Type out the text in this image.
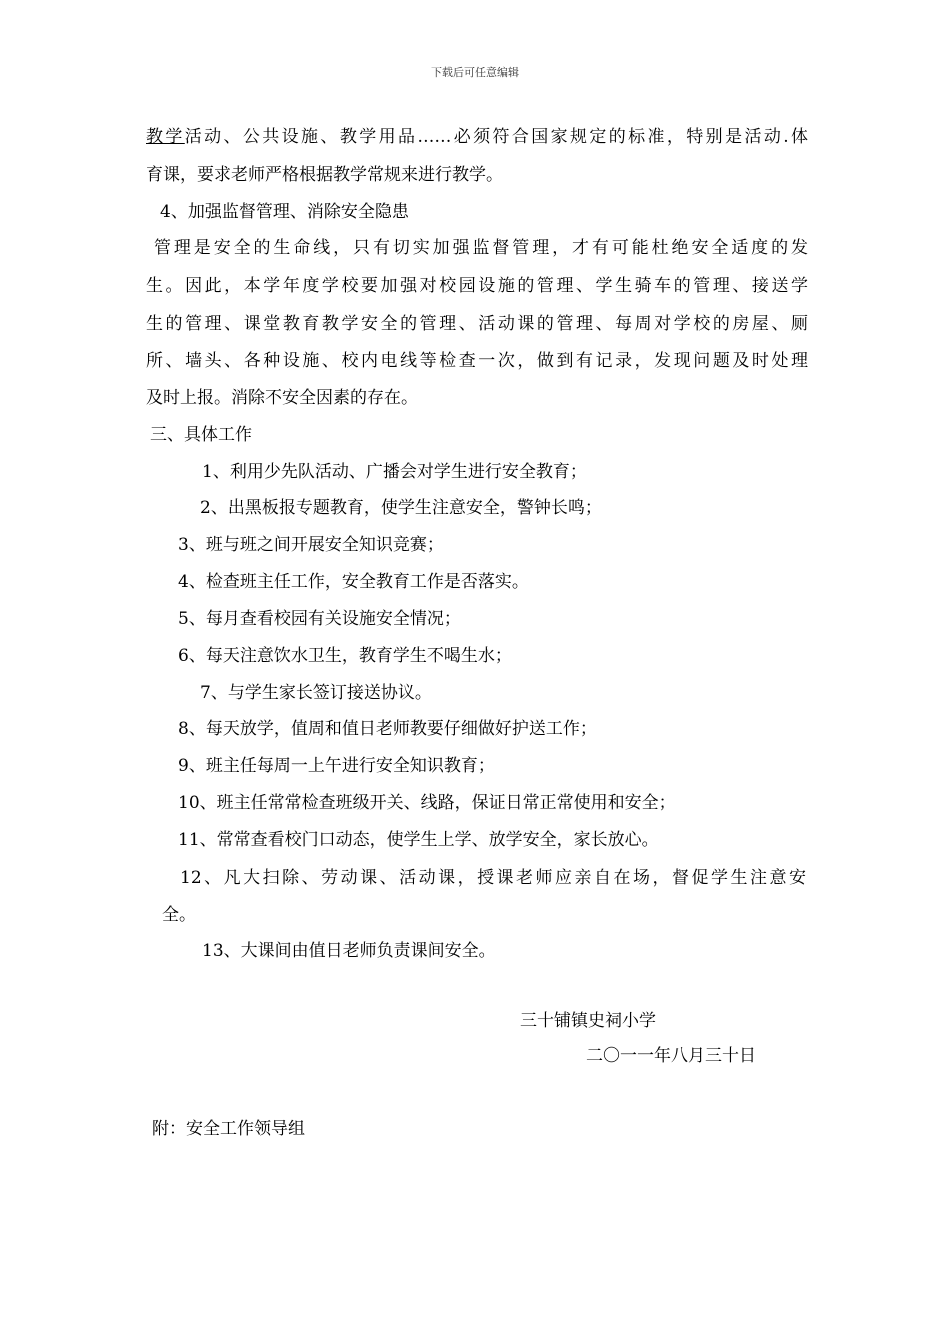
下载后可任意编辑
教学活动、公共设施、教学用品……必须符合国家规定的标准，特别是活动.体
育课，要求老师严格根据教学常规来进行教学。
4、加强监督管理、消除安全隐患
管理是安全的生命线，只有切实加强监督管理，才有可能杜绝安全适度的发
生。因此，本学年度学校要加强对校园设施的管理、学生骑车的管理、接送学
生的管理、课堂教育教学安全的管理、活动课的管理、每周对学校的房屋、厕
所、墙头、各种设施、校内电线等检查一次，做到有记录，发现问题及时处理
及时上报。消除不安全因素的存在。
三、具体工作
1、利用少先队活动、广播会对学生进行安全教育；
2、出黑板报专题教育，使学生注意安全，警钟长鸣；
3、班与班之间开展安全知识竞赛；
4、检查班主任工作，安全教育工作是否落实。
5、每月查看校园有关设施安全情况；
6、每天注意饮水卫生，教育学生不喝生水；
7、与学生家长签订接送协议。
8、每天放学，值周和值日老师教要仔细做好护送工作；
9、班主任每周一上午进行安全知识教育；
10、班主任常常检查班级开关、线路，保证日常正常使用和安全；
11、常常查看校门口动态，使学生上学、放学安全，家长放心。
12、凡大扫除、劳动课、活动课，授课老师应亲自在场，督促学生注意安
全。
13、大课间由值日老师负责课间安全。
三十铺镇史祠小学
二〇一一年八月三十日
附：安全工作领导组
